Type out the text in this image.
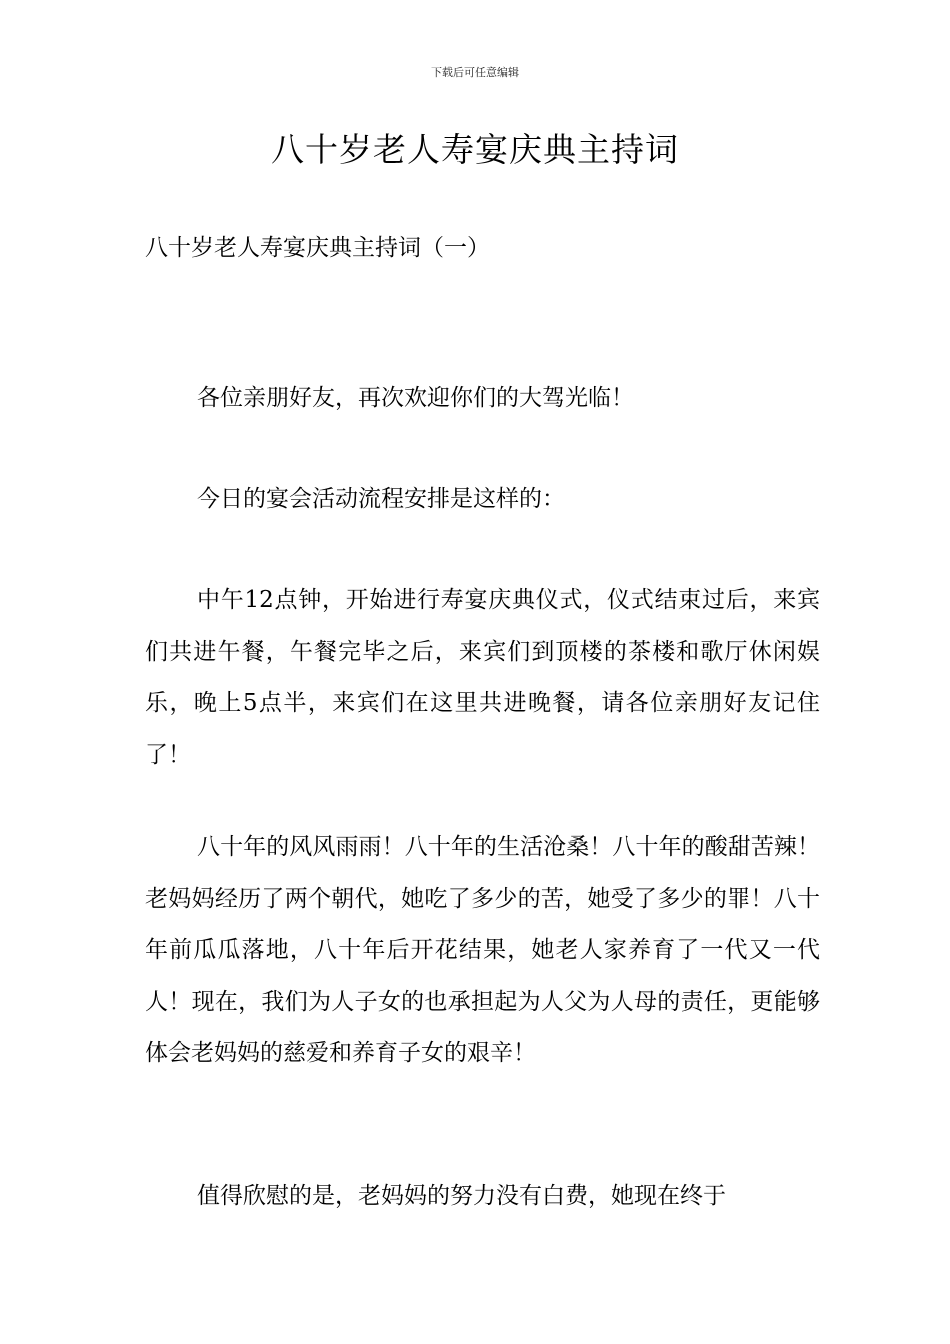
下载后可任意编辑
八十岁老人寿宴庆典主持词
八十岁老人寿宴庆典主持词（一）

各位亲朋好友，再次欢迎你们的大驾光临！

今日的宴会活动流程安排是这样的：

中午12点钟，开始进行寿宴庆典仪式，仪式结束过后，来宾们共进午餐，午餐完毕之后，来宾们到顶楼的茶楼和歌厅休闲娱乐，晚上5点半，来宾们在这里共进晚餐，请各位亲朋好友记住了！

八十年的风风雨雨！八十年的生活沧桑！八十年的酸甜苦辣！老妈妈经历了两个朝代，她吃了多少的苦，她受了多少的罪！八十年前瓜瓜落地，八十年后开花结果，她老人家养育了一代又一代人！现在，我们为人子女的也承担起为人父为人母的责任，更能够体会老妈妈的慈爱和养育子女的艰辛！

值得欣慰的是，老妈妈的努力没有白费，她现在终于
